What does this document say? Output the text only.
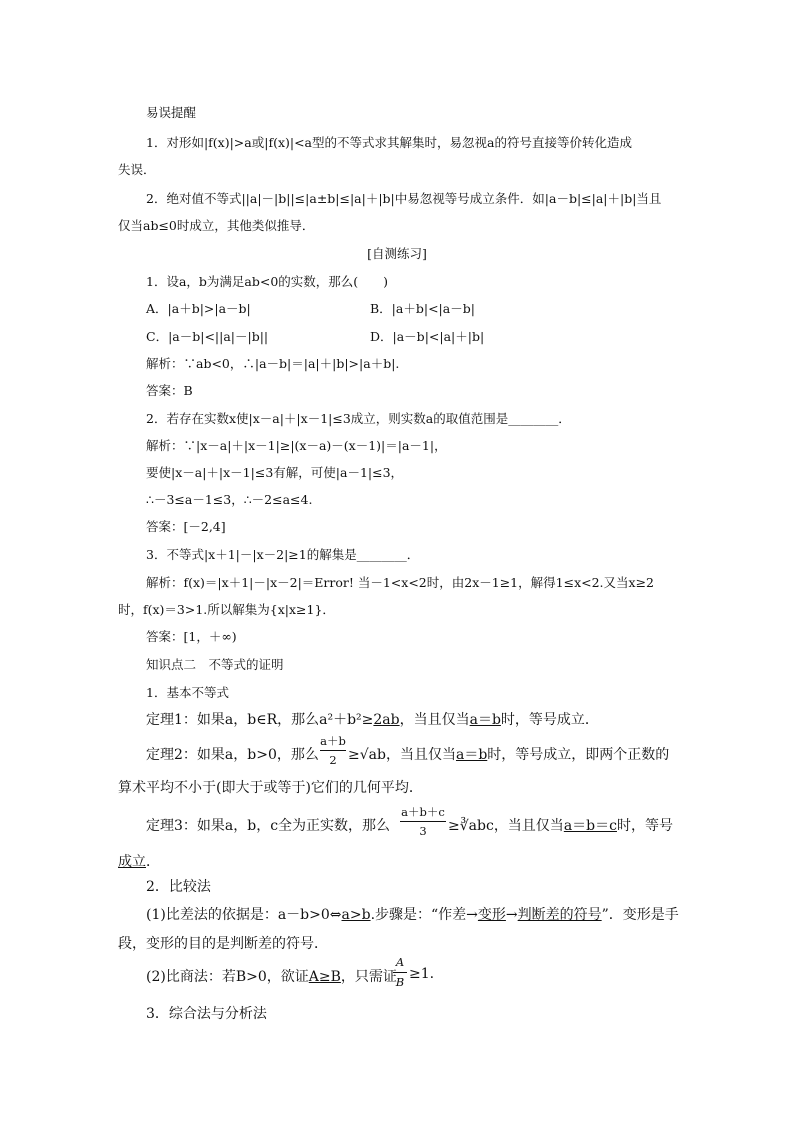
易误提醒
1．对形如|f(x)|>a或|f(x)|<a型的不等式求其解集时，易忽视a的符号直接等价转化造成
失误．
2．绝对值不等式||a|－|b||≤|a±b|≤|a|＋|b|中易忽视等号成立条件．如|a－b|≤|a|＋|b|当且
仅当ab≤0时成立，其他类似推导．
[自测练习]
1．设a，b为满足ab<0的实数，那么(　　)
A．|a＋b|>|a－b|	B．|a＋b|<|a－b|
C．|a－b|<||a|－|b||	D．|a－b|<|a|＋|b|
解析：∵ab<0，∴|a－b|＝|a|＋|b|>|a＋b|.
答案：B
2．若存在实数x使|x－a|＋|x－1|≤3成立，则实数a的取值范围是________．
解析：∵|x－a|＋|x－1|≥|(x－a)－(x－1)|＝|a－1|，
要使|x－a|＋|x－1|≤3有解，可使|a－1|≤3，
∴－3≤a－1≤3，∴－2≤a≤4.
答案：[－2,4]
3．不等式|x＋1|－|x－2|≥1的解集是________．
解析：f(x)＝|x＋1|－|x－2|＝Error! 当－1<x<2时，由2x－1≥1，解得1≤x<2.又当x≥2
时，f(x)＝3>1.所以解集为{x|x≥1}．
答案：[1，＋∞)
知识点二　不等式的证明
1．基本不等式
定理1：如果a，b∈R，那么a²＋b²≥2ab，当且仅当a＝b时，等号成立．
定理2：如果a，b>0，那么
a＋b
2 ≥√ab，当且仅当a＝b时，等号成立，即两个正数的
算术平均不小于(即大于或等于)它们的几何平均．
定理3：如果a，b，c全为正实数，那么
a＋b＋c
3	≥∛abc，当且仅当a＝b＝c时，等号
成立．
2．比较法
(1)比差法的依据是：a－b>0⇔a>b.步骤是：“作差→变形→判断差的符号”．变形是手
段，变形的目的是判断差的符号．
(2)比商法：若B>0，欲证A≥B，只需证
A
B ≥1.
3．综合法与分析法
